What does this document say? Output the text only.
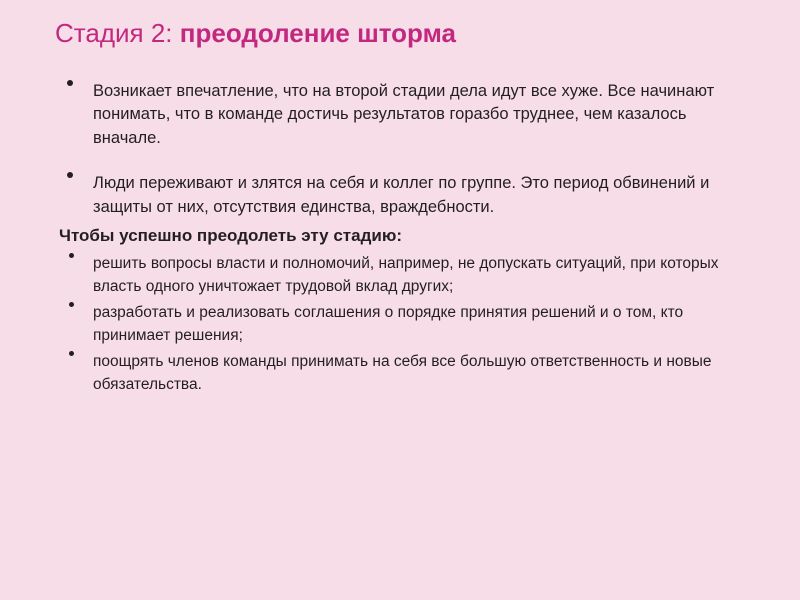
Стадия 2: преодоление шторма
Возникает впечатление, что на второй стадии дела идут все хуже. Все начинают понимать, что в команде достичь результатов горазбо труднее, чем казалось вначале.
Люди переживают и злятся на себя и коллег по группе. Это период обвинений и защиты от них, отсутствия единства, враждебности.
Чтобы успешно преодолеть эту стадию:
решить вопросы власти и полномочий, например, не допускать ситуаций, при которых власть одного уничтожает трудовой вклад других;
разработать и реализовать соглашения о порядке принятия решений и о том, кто принимает решения;
поощрять членов команды принимать на себя все большую ответственность и новые обязательства.
